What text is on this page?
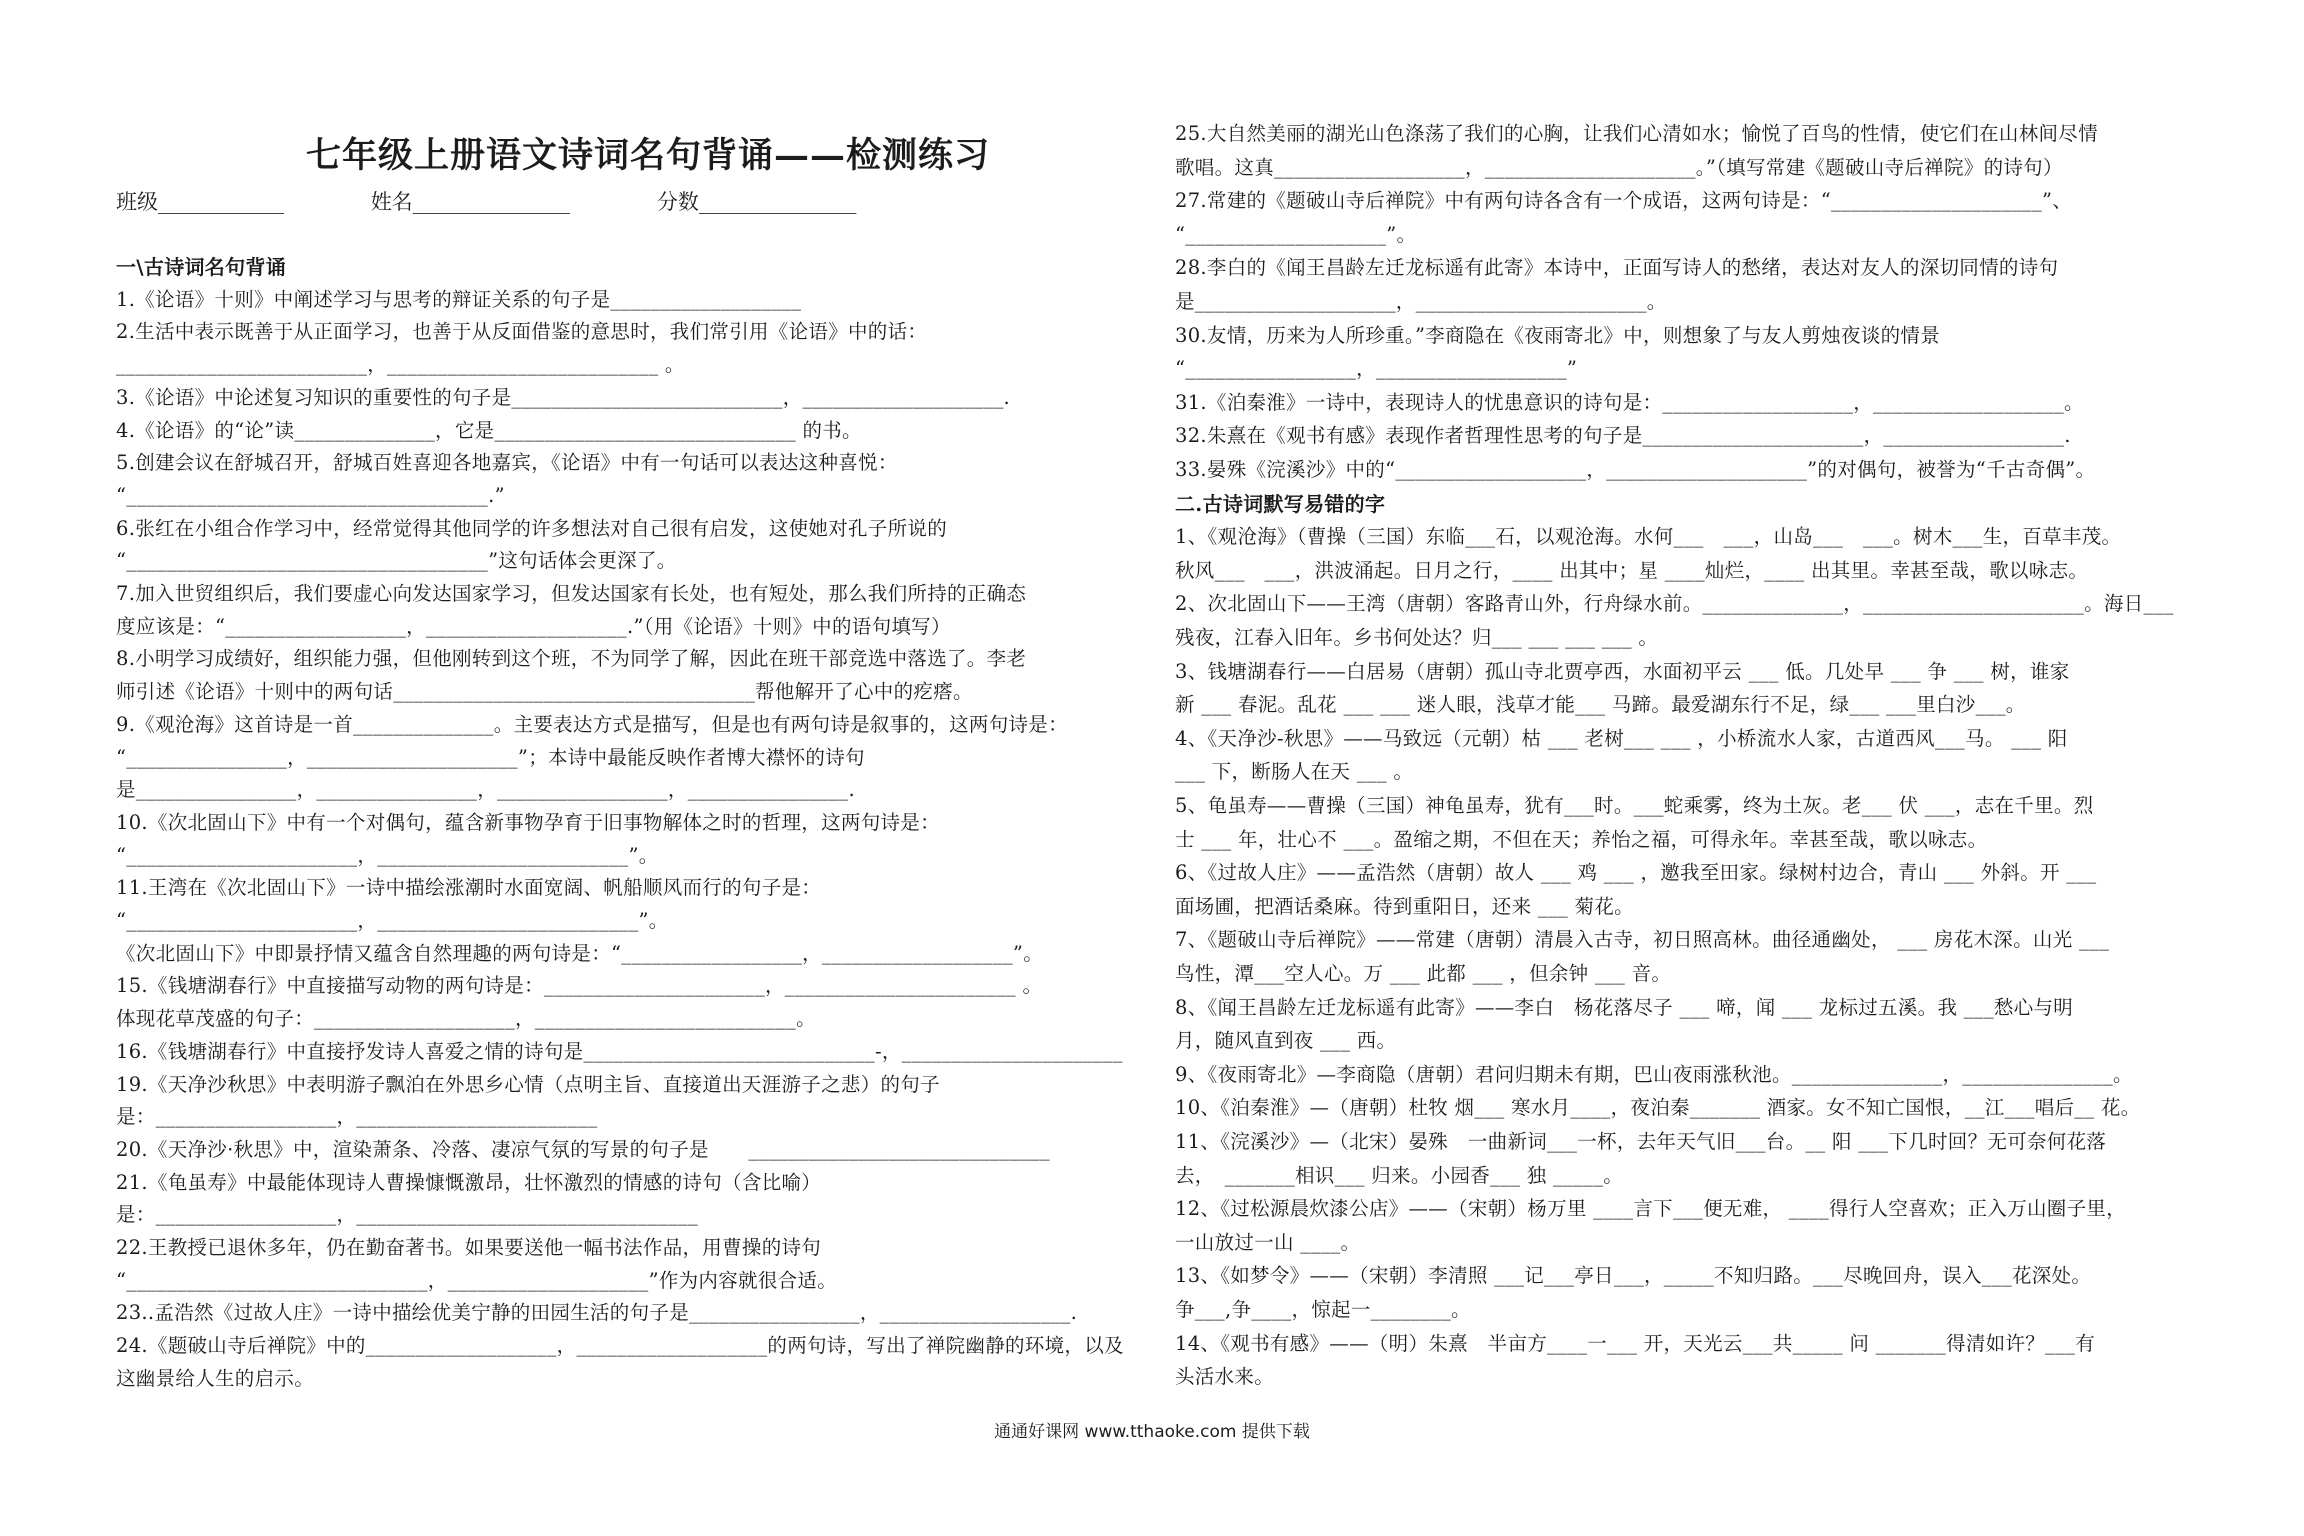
七年级上册语文诗词名句背诵——检测练习
班级____________	姓名_______________	分数_______________
一\古诗词名句背诵
1.《论语》十则》中阐述学习与思考的辩证关系的句子是___________________
2.生活中表示既善于从正面学习，也善于从反面借鉴的意思时，我们常引用《论语》中的话：
_________________________，___________________________ 。
3.《论语》中论述复习知识的重要性的句子是___________________________，____________________.
4.《论语》的“论”读______________，它是______________________________ 的书。
5.创建会议在舒城召开，舒城百姓喜迎各地嘉宾，《论语》中有一句话可以表达这种喜悦：
“____________________________________.”
6.张红在小组合作学习中，经常觉得其他同学的许多想法对自己很有启发，这使她对孔子所说的
“____________________________________”这句话体会更深了。
7.加入世贸组织后，我们要虚心向发达国家学习，但发达国家有长处，也有短处，那么我们所持的正确态
度应该是：“__________________，____________________.”（用《论语》十则》中的语句填写）
8.小明学习成绩好，组织能力强，但他刚转到这个班，不为同学了解，因此在班干部竞选中落选了。李老
师引述《论语》十则中的两句话____________________________________帮他解开了心中的疙瘩。
9.《观沧海》这首诗是一首______________。主要表达方式是描写，但是也有两句诗是叙事的，这两句诗是：
“________________，_____________________”；本诗中最能反映作者博大襟怀的诗句
是________________，________________，_________________，________________.
10.《次北固山下》中有一个对偶句，蕴含新事物孕育于旧事物解体之时的哲理，这两句诗是：
“_______________________，_________________________”。
11.王湾在《次北固山下》一诗中描绘涨潮时水面宽阔、帆船顺风而行的句子是：
“_______________________，__________________________”。
《次北固山下》中即景抒情又蕴含自然理趣的两句诗是：“__________________，___________________”。
15.《钱塘湖春行》中直接描写动物的两句诗是：______________________，_______________________ 。
体现花草茂盛的句子：____________________，__________________________。
16.《钱塘湖春行》中直接抒发诗人喜爱之情的诗句是_____________________________-，______________________
19.《天净沙秋思》中表明游子飘泊在外思乡心情（点明主旨、直接道出天涯游子之悲）的句子
是：__________________，________________________
20.《天净沙·秋思》中，渲染萧条、冷落、凄凉气氛的写景的句子是　　______________________________
21.《龟虽寿》中最能体现诗人曹操慷慨激昂，壮怀激烈的情感的诗句（含比喻）
是：__________________，__________________________________
22.王教授已退休多年，仍在勤奋著书。如果要送他一幅书法作品，用曹操的诗句
“______________________________，____________________”作为内容就很合适。
23..孟浩然《过故人庄》一诗中描绘优美宁静的田园生活的句子是_________________，___________________.
24.《题破山寺后禅院》中的___________________，___________________的两句诗，写出了禅院幽静的环境，以及
这幽景给人生的启示。
25.大自然美丽的湖光山色涤荡了我们的心胸，让我们心清如水；愉悦了百鸟的性情，使它们在山林间尽情
歌唱。这真___________________，_____________________。”（填写常建《题破山寺后禅院》的诗句）
27.常建的《题破山寺后禅院》中有两句诗各含有一个成语，这两句诗是：“_____________________”、
“____________________”。
28.李白的《闻王昌龄左迁龙标遥有此寄》本诗中，正面写诗人的愁绪，表达对友人的深切同情的诗句
是____________________，_______________________。
30.友情，历来为人所珍重。”李商隐在《夜雨寄北》中，则想象了与友人剪烛夜谈的情景
“_________________，___________________”
31.《泊秦淮》一诗中，表现诗人的忧患意识的诗句是：___________________，___________________。
32.朱熹在《观书有感》表现作者哲理性思考的句子是______________________，__________________.
33.晏殊《浣溪沙》中的“___________________，____________________”的对偶句，被誉为“千古奇偶”。
二.古诗词默写易错的字
1、《观沧海》（曹操（三国）东临___石，以观沧海。水何___　___，山岛___　___。树木___生，百草丰茂。
秋风___　___，洪波涌起。日月之行，____ 出其中；星 ____灿烂，____ 出其里。幸甚至哉，歌以咏志。
2、次北固山下——王湾（唐朝）客路青山外，行舟绿水前。______________，______________________。海日___
残夜，江春入旧年。乡书何处达？归___ ___ ___ ___ 。
3、钱塘湖春行——白居易（唐朝）孤山寺北贾亭西，水面初平云 ___ 低。几处早 ___ 争 ___ 树，谁家
新 ___ 春泥。乱花 ___ ___ 迷人眼，浅草才能___ 马蹄。最爱湖东行不足，绿___ ___里白沙___。
4、《天净沙-秋思》——马致远（元朝）枯 ___ 老树___ ___ ，小桥流水人家，古道西风___马。 ___ 阳
___ 下，断肠人在天 ___ 。
5、龟虽寿——曹操（三国）神龟虽寿，犹有___时。___蛇乘雾，终为土灰。老___ 伏 ___，志在千里。烈
士 ___ 年，壮心不 ___。盈缩之期，不但在天；养怡之福，可得永年。幸甚至哉，歌以咏志。
6、《过故人庄》——孟浩然（唐朝）故人 ___ 鸡 ___ ，邀我至田家。绿树村边合，青山 ___ 外斜。开 ___
面场圃，把酒话桑麻。待到重阳日，还来 ___ 菊花。
7、《题破山寺后禅院》——常建（唐朝）清晨入古寺，初日照高林。曲径通幽处， ___ 房花木深。山光 ___
鸟性，潭___空人心。万 ___ 此都 ___ ，但余钟 ___ 音。
8、《闻王昌龄左迁龙标遥有此寄》——李白　杨花落尽子 ___ 啼，闻 ___ 龙标过五溪。我 ___愁心与明
月，随风直到夜 ___ 西。
9、《夜雨寄北》—李商隐（唐朝）君问归期未有期，巴山夜雨涨秋池。_______________，_______________。
10、《泊秦淮》—（唐朝）杜牧 烟___ 寒水月____，夜泊秦_______ 酒家。女不知亡国恨，__江___唱后__ 花。
11、《浣溪沙》—（北宋）晏殊　一曲新词___一杯，去年天气旧___台。__ 阳 ___下几时回？无可奈何花落
去，　_______相识___ 归来。小园香___ 独 _____。
12、《过松源晨炊漆公店》——（宋朝）杨万里 ____言下___便无难， ____得行人空喜欢；正入万山圈子里，
一山放过一山 ____。
13、《如梦令》——（宋朝）李清照 ___记___亭日___，_____不知归路。___尽晚回舟，误入___花深处。
争___,争____，惊起一________。
14、《观书有感》——（明）朱熹　半亩方____一___ 开，天光云___共_____ 问 _______得清如许？___有
头活水来。
通通好课网 www.tthaoke.com 提供下载
